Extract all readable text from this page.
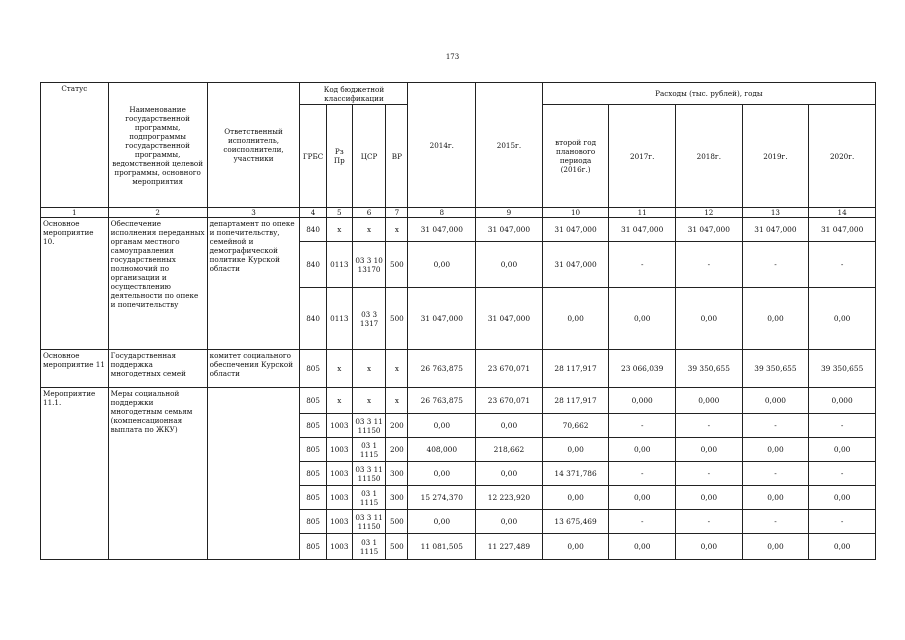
173
Статус	Наименование государственной программы, подпрограммы государственной программы, ведомственной целевой программы, основного мероприятия	Ответственный исполнитель, соисполнители, участники	Код бюджетной классификации				2014г.	2015г.	Расходы (тыс. рублей), годы				
			ГРБС	Рз Пр	ЦСР	ВР			второй год планового периода (2016г.)	2017г.	2018г.	2019г.	2020г.
1	2	3	4	5	6	7	8	9	10	11	12	13	14
Основное мероприятие 10.	Обеспечение исполнения переданных органам местного самоуправления государственных полномочий по организации и осуществлению деятельности по опеке и попечительству	департамент по опеке и попечительству, семейной и демографической политике Курской области	840	х	х	х	31 047,000	31 047,000	31 047,000	31 047,000	31 047,000	31 047,000	31 047,000
			840	0113	03 3 10 13170	500	0,00	0,00	31 047,000	-	-	-	-
			840	0113	03 3 1317	500	31 047,000	31 047,000	0,00	0,00	0,00	0,00	0,00
Основное мероприятие 11	Государственная поддержка многодетных семей	комитет социального обеспечения Курской области	805	х	х	х	26 763,875	23 670,071	28 117,917	23 066,039	39 350,655	39 350,655	39 350,655
Мероприятие 11.1.	Меры социальной поддержки многодетным семьям (компенсационная выплата по ЖКУ)		805	х	х	х	26 763,875	23 670,071	28 117,917	0,000	0,000	0,000	0,000
			805	1003	03 3 11 11150	200	0,00	0,00	70,662	-	-	-	-
			805	1003	03 1 1115	200	408,000	218,662	0,00	0,00	0,00	0,00	0,00
			805	1003	03 3 11 11150	300	0,00	0,00	14 371,786	-	-	-	-
			805	1003	03 1 1115	300	15 274,370	12 223,920	0,00	0,00	0,00	0,00	0,00
			805	1003	03 3 11 11150	500	0,00	0,00	13 675,469	-	-	-	-
			805	1003	03 1 1115	500	11 081,505	11 227,489	0,00	0,00	0,00	0,00	0,00
